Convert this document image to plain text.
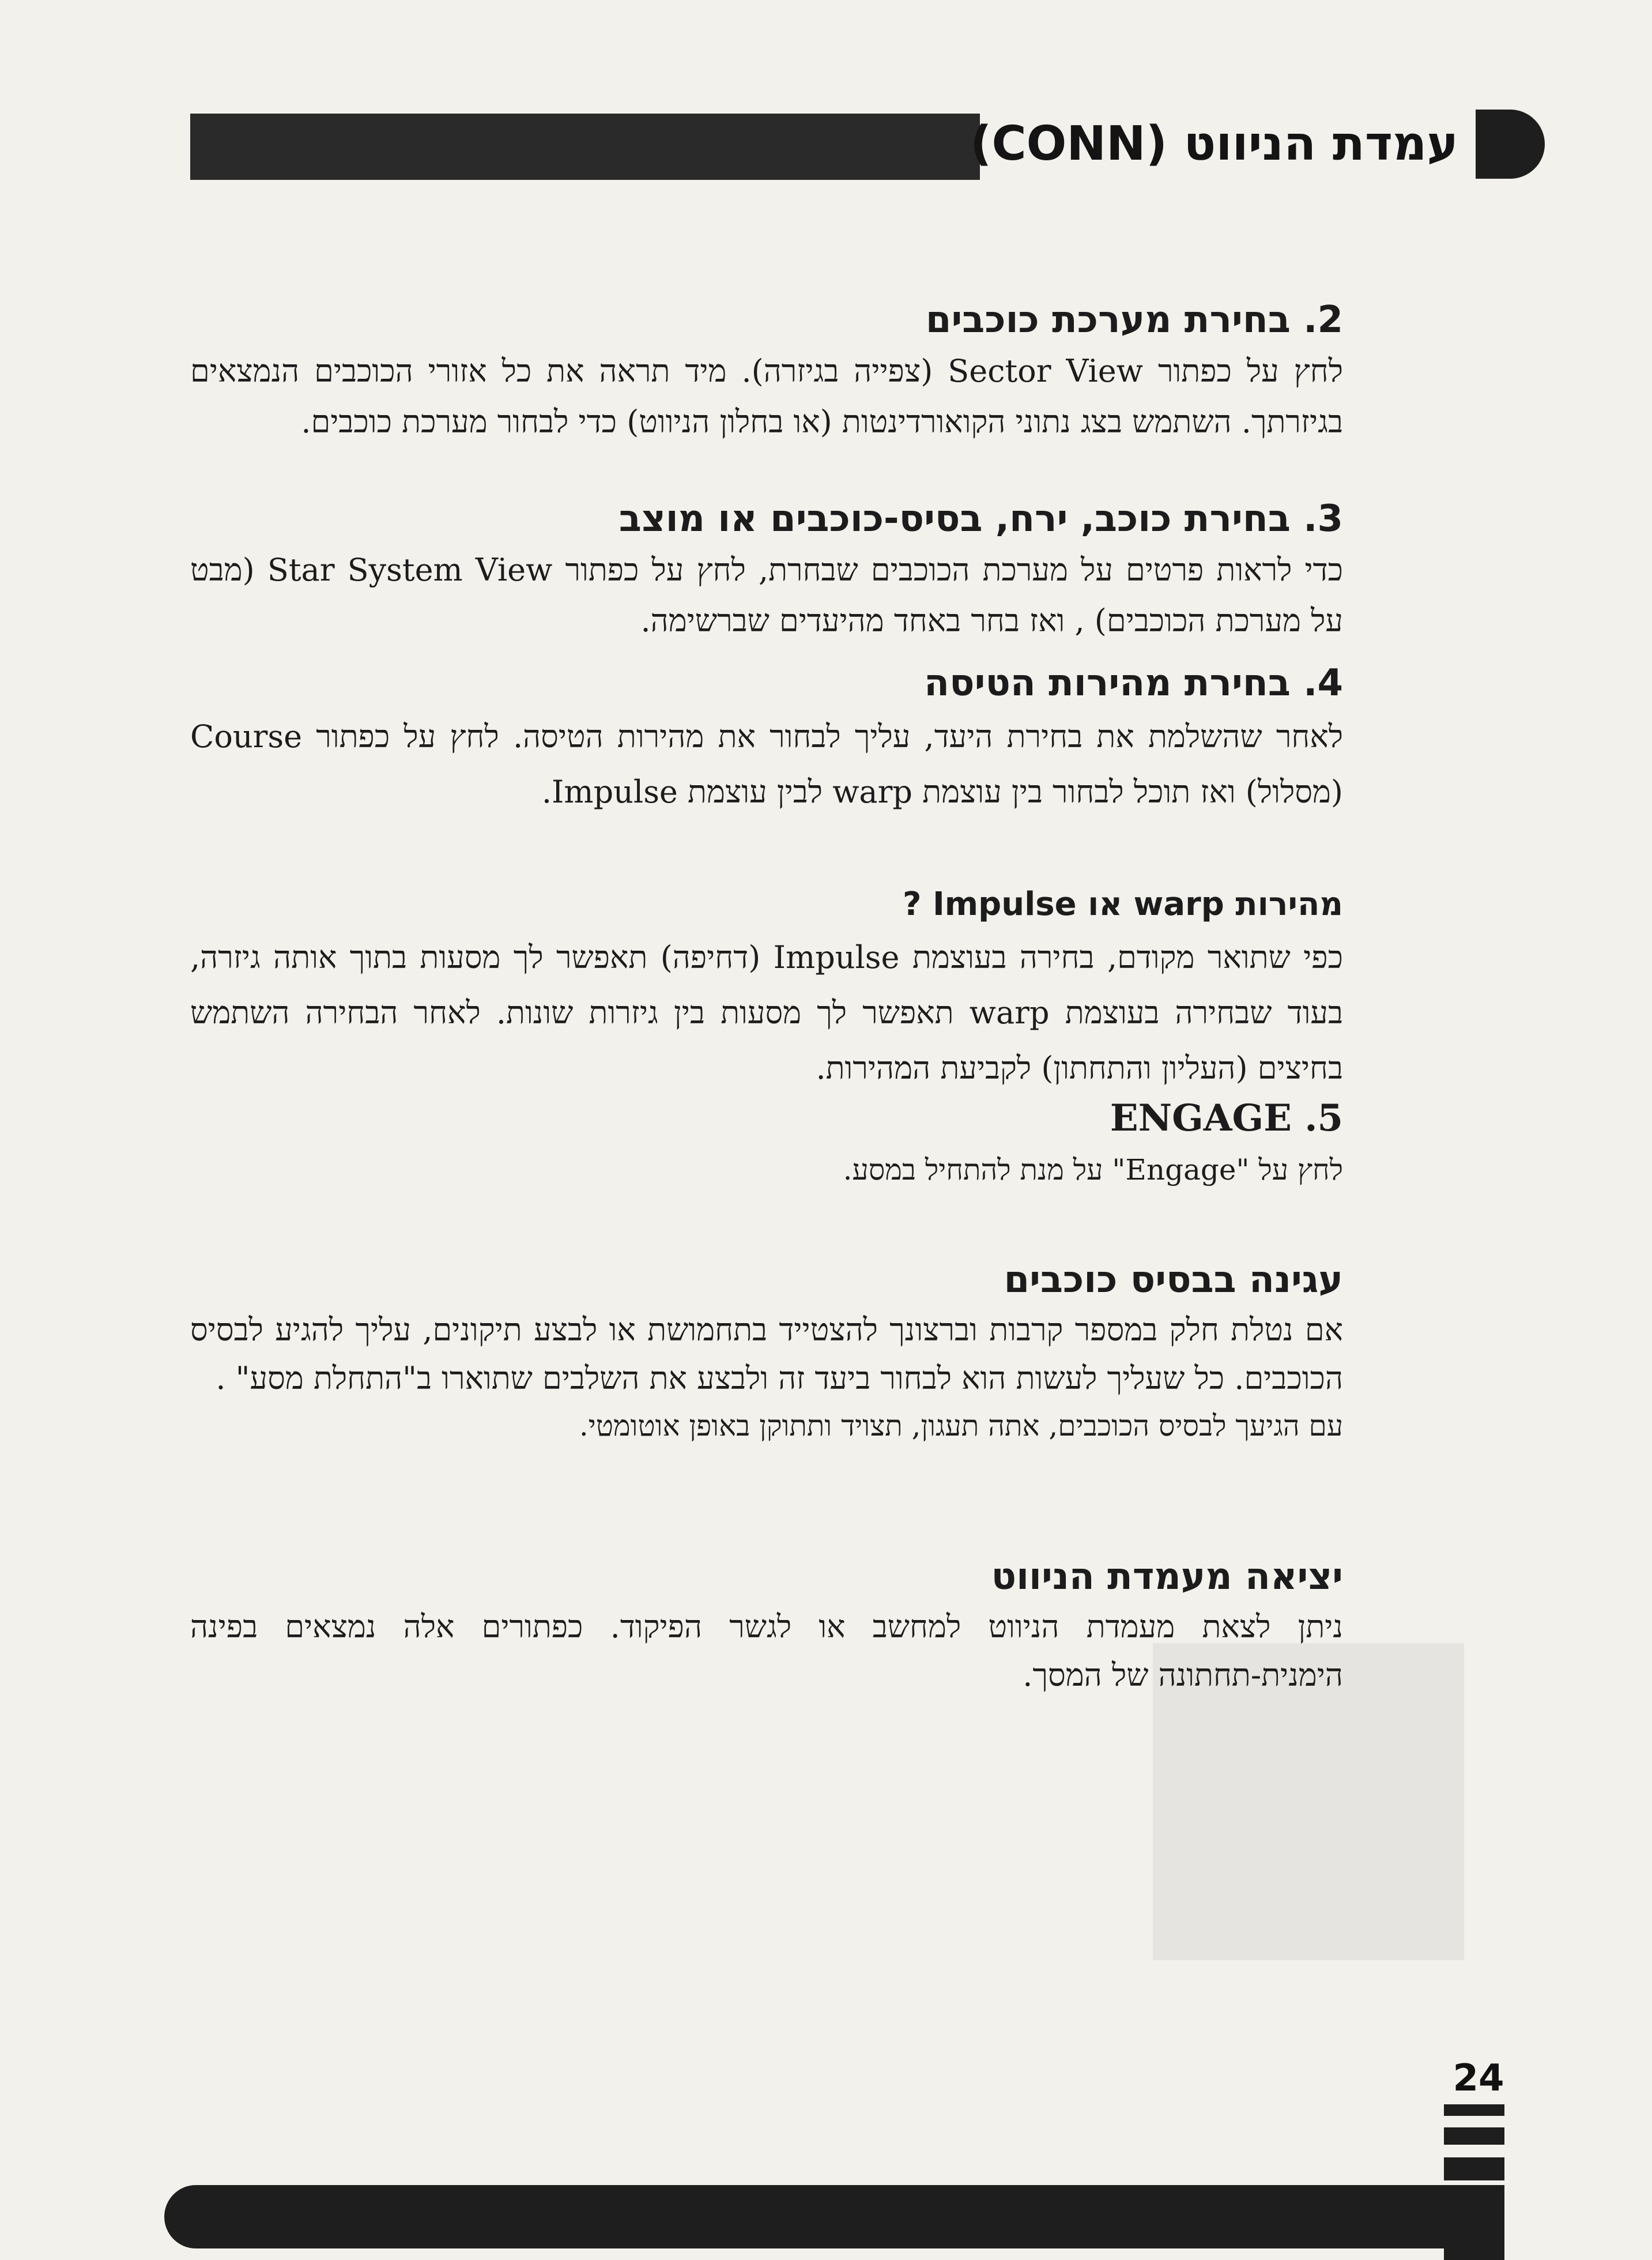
עמדת הניווט (CONN)
2. בחירת מערכת כוכבים

לחץ על כפתור Sector View (צפייה בגיזרה). מיד תראה את כל אזורי הכוכבים הנמצאים בגיזרתך. השתמש בצג נתוני הקואורדינטות (או בחלון הניווט) כדי לבחור מערכת כוכבים.

3. בחירת כוכב, ירח, בסיס-כוכבים או מוצב

כדי לראות פרטים על מערכת הכוכבים שבחרת, לחץ על כפתור Star System View (מבט על מערכת הכוכבים) , ואז בחר באחד מהיעדים שברשימה.

4. בחירת מהירות הטיסה

לאחר שהשלמת את בחירת היעד, עליך לבחור את מהירות הטיסה. לחץ על כפתור Course (מסלול) ואז תוכל לבחור בין עוצמת warp לבין עוצמת Impulse.

מהירות warp או Impulse ?

כפי שתואר מקודם, בחירה בעוצמת Impulse (דחיפה) תאפשר לך מסעות בתוך אותה גיזרה, בעוד שבחירה בעוצמת warp תאפשר לך מסעות בין גיזרות שונות. לאחר הבחירה השתמש בחיצים (העליון והתחתון) לקביעת המהירות.

5. ENGAGE

לחץ על "Engage" על מנת להתחיל במסע.

עגינה בבסיס כוכבים

אם נטלת חלק במספר קרבות וברצונך להצטייד בתחמושת או לבצע תיקונים, עליך להגיע לבסיס הכוכבים. כל שעליך לעשות הוא לבחור ביעד זה ולבצע את השלבים שתוארו ב"התחלת מסע" .

עם הגיעך לבסיס הכוכבים, אתה תעגון, תצויד ותתוקן באופן אוטומטי.

יציאה מעמדת הניווט

ניתן לצאת מעמדת הניווט למחשב או לגשר הפיקוד. כפתורים אלה נמצאים בפינה הימנית-תחתונה של המסך.

24
